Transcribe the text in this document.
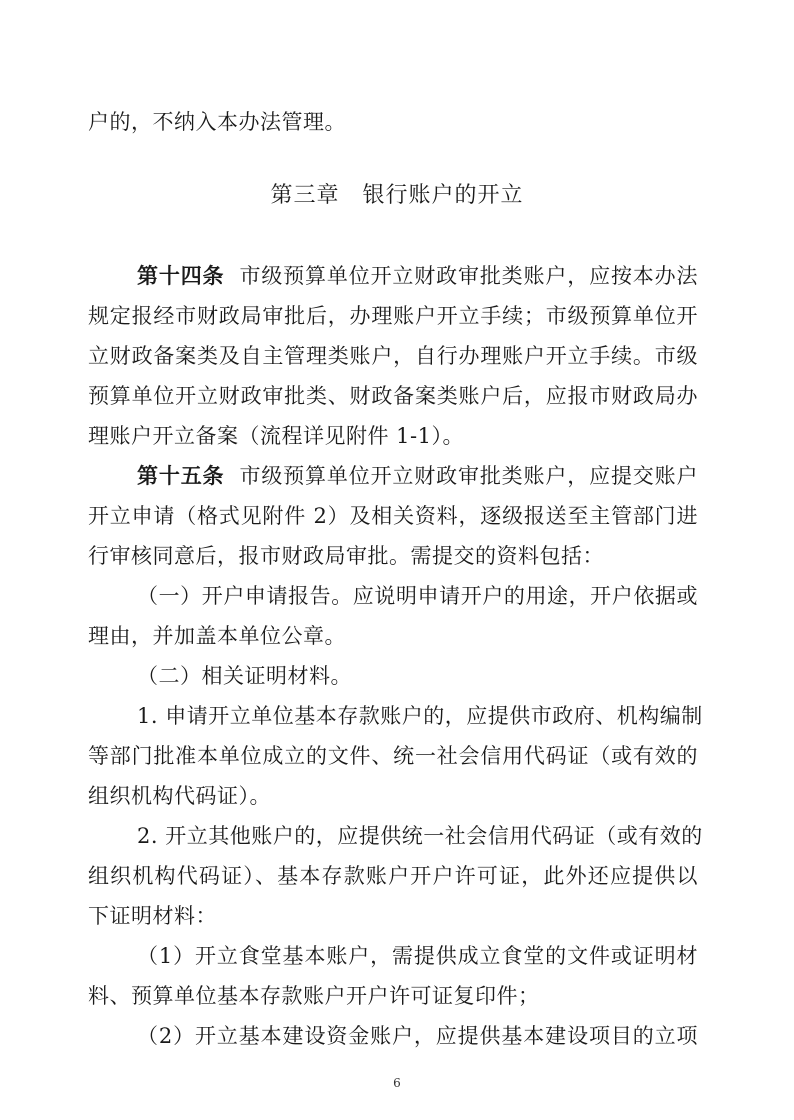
户的，不纳入本办法管理。
第三章　银行账户的开立
第十四条 市级预算单位开立财政审批类账户，应按本办法
规定报经市财政局审批后，办理账户开立手续；市级预算单位开
立财政备案类及自主管理类账户，自行办理账户开立手续。市级
预算单位开立财政审批类、财政备案类账户后，应报市财政局办
理账户开立备案（流程详见附件 1-1）。
第十五条 市级预算单位开立财政审批类账户，应提交账户
开立申请（格式见附件 2）及相关资料，逐级报送至主管部门进
行审核同意后，报市财政局审批。需提交的资料包括：
（一）开户申请报告。应说明申请开户的用途，开户依据或
理由，并加盖本单位公章。
（二）相关证明材料。
1. 申请开立单位基本存款账户的，应提供市政府、机构编制
等部门批准本单位成立的文件、统一社会信用代码证（或有效的
组织机构代码证）。
2. 开立其他账户的，应提供统一社会信用代码证（或有效的
组织机构代码证）、基本存款账户开户许可证，此外还应提供以
下证明材料：
（1）开立食堂基本账户，需提供成立食堂的文件或证明材
料、预算单位基本存款账户开户许可证复印件；
（2）开立基本建设资金账户，应提供基本建设项目的立项
6
